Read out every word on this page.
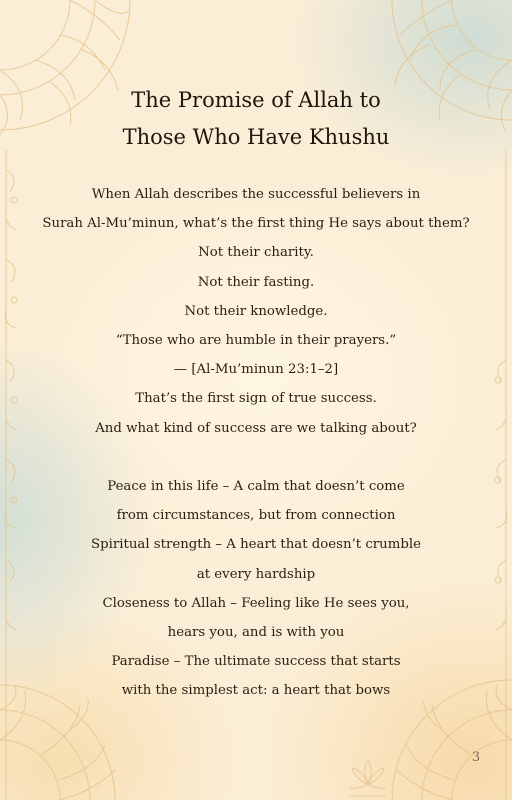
The Promise of Allah to
Those Who Have Khushu
When Allah describes the successful believers in
Surah Al-Mu’minun, what’s the first thing He says about them?
Not their charity.
Not their fasting.
Not their knowledge.
“Those who are humble in their prayers.”
— [Al-Mu’minun 23:1–2]
That’s the first sign of true success.
And what kind of success are we talking about?
Peace in this life – A calm that doesn’t come
from circumstances, but from connection
Spiritual strength – A heart that doesn’t crumble
at every hardship
Closeness to Allah – Feeling like He sees you,
hears you, and is with you
Paradise – The ultimate success that starts
with the simplest act: a heart that bows
3
